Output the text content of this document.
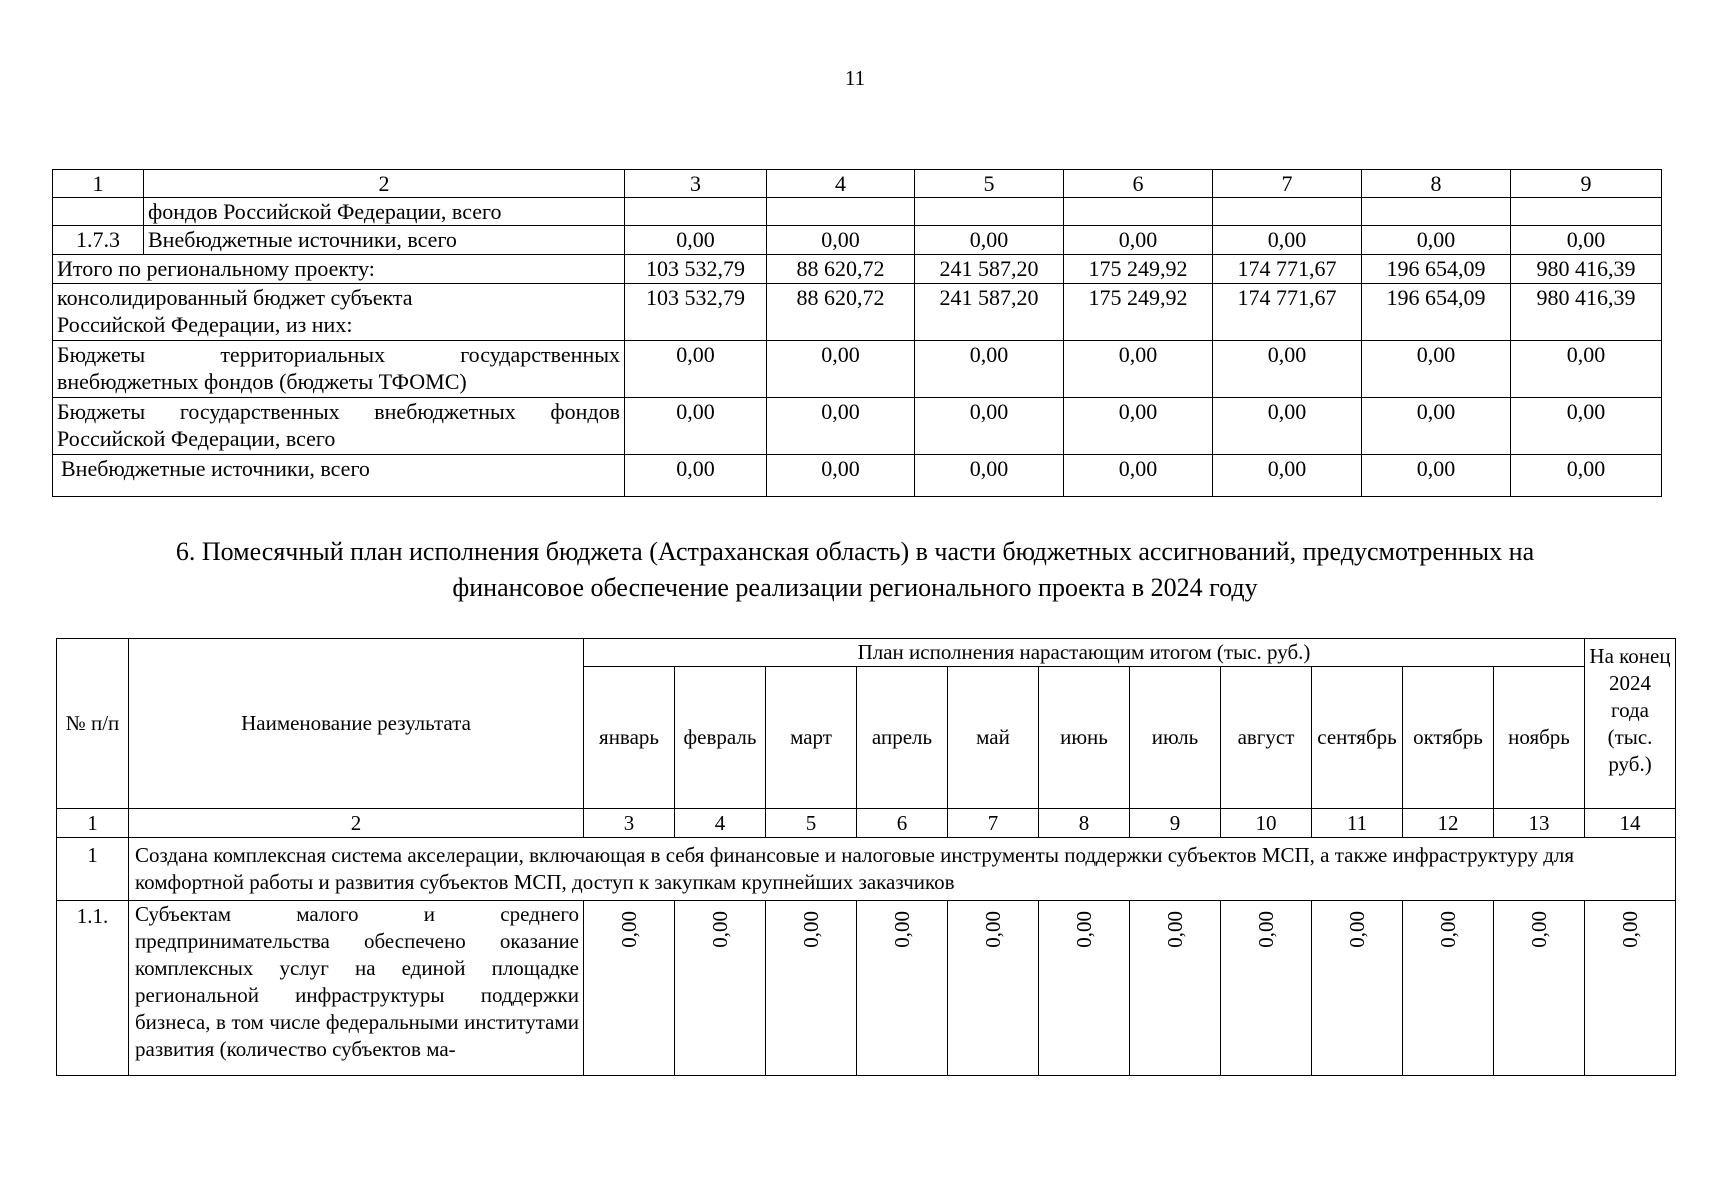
11
1	2	3	4	5	6	7	8	9
	фондов Российской Федерации, всего							
1.7.3	Внебюджетные источники, всего	0,00	0,00	0,00	0,00	0,00	0,00	0,00
Итого по региональному проекту:		103 532,79	88 620,72	241 587,20	175 249,92	174 771,67	196 654,09	980 416,39
консолидированный бюджет субъекта Российской Федерации, из них:		103 532,79	88 620,72	241 587,20	175 249,92	174 771,67	196 654,09	980 416,39
Бюджеты территориальных государственных внебюджетных фондов (бюджеты ТФОМС)		0,00	0,00	0,00	0,00	0,00	0,00	0,00
Бюджеты государственных внебюджетных фондов Российской Федерации, всего		0,00	0,00	0,00	0,00	0,00	0,00	0,00
Внебюджетные источники, всего		0,00	0,00	0,00	0,00	0,00	0,00	0,00
6. Помесячный план исполнения бюджета (Астраханская область) в части бюджетных ассигнований, предусмотренных на финансовое обеспечение реализации регионального проекта в 2024 году
№ п/п	Наименование результата	План исполнения нарастающим итогом (тыс. руб.)											На конец 2024 года (тыс. руб.)
		январь	февраль	март	апрель	май	июнь	июль	август	сентябрь	октябрь	ноябрь	
1	2	3	4	5	6	7	8	9	10	11	12	13	14
1	Создана комплексная система акселерации, включающая в себя финансовые и налоговые инструменты поддержки субъектов МСП, а также инфраструктуру для комфортной работы и развития субъектов МСП, доступ к закупкам крупнейших заказчиков												
1.1.	Субъектам малого и среднего предпринимательства обеспечено оказание комплексных услуг на единой площадке региональной инфраструктуры поддержки бизнеса, в том числе федеральными институтами развития (количество субъектов ма-	0,00	0,00	0,00	0,00	0,00	0,00	0,00	0,00	0,00	0,00	0,00	0,00
